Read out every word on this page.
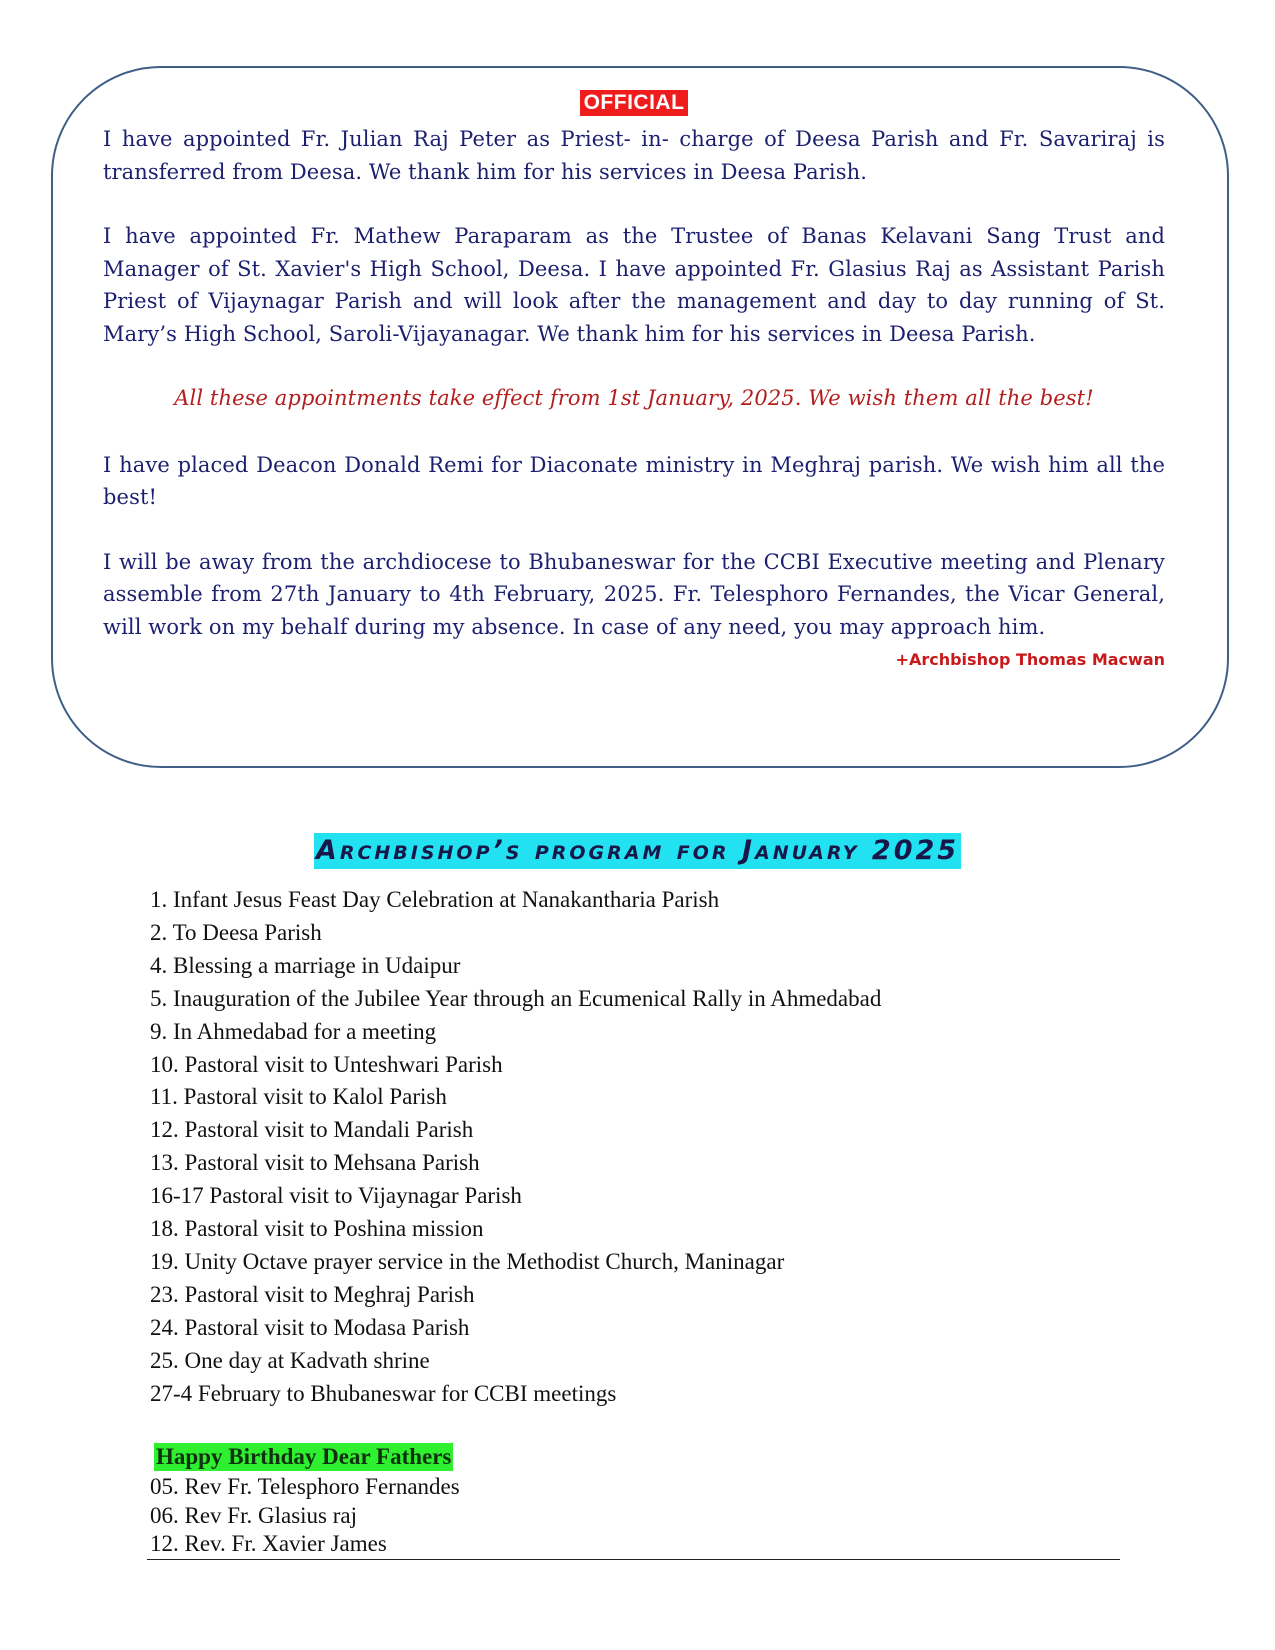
OFFICIAL

I have appointed Fr. Julian Raj Peter as Priest- in- charge of Deesa Parish and Fr. Savariraj is transferred from Deesa. We thank him for his services in Deesa Parish.

I have appointed Fr. Mathew Paraparam as the Trustee of Banas Kelavani Sang Trust and Manager of St. Xavier's High School, Deesa. I have appointed Fr. Glasius Raj as Assistant Parish Priest of Vijaynagar Parish and will look after the management and day to day running of St. Mary’s High School, Saroli-Vijayanagar. We thank him for his services in Deesa Parish.

All these appointments take effect from 1st January, 2025. We wish them all the best!

I have placed Deacon Donald Remi for Diaconate ministry in Meghraj parish. We wish him all the best!

I will be away from the archdiocese to Bhubaneswar for the CCBI Executive meeting and Plenary assemble from 27th January to 4th February, 2025. Fr. Telesphoro Fernandes, the Vicar General, will work on my behalf during my absence. In case of any need, you may approach him.

+Archbishop Thomas Macwan
Archbishop’s program for January 2025
1. Infant Jesus Feast Day Celebration at Nanakantharia Parish
2. To Deesa Parish
4. Blessing a marriage in Udaipur
5. Inauguration of the Jubilee Year through an Ecumenical Rally in Ahmedabad
9. In Ahmedabad for a meeting
10. Pastoral visit to Unteshwari Parish
11. Pastoral visit to Kalol Parish
12. Pastoral visit to Mandali Parish
13. Pastoral visit to Mehsana Parish
16-17 Pastoral visit to Vijaynagar Parish
18. Pastoral visit to Poshina mission
19. Unity Octave prayer service in the Methodist Church, Maninagar
23. Pastoral visit to Meghraj Parish
24. Pastoral visit to Modasa Parish
25. One day at Kadvath shrine
27-4 February to Bhubaneswar for CCBI meetings
Happy Birthday Dear Fathers
05. Rev Fr. Telesphoro Fernandes
06. Rev Fr. Glasius raj
12. Rev. Fr. Xavier James
